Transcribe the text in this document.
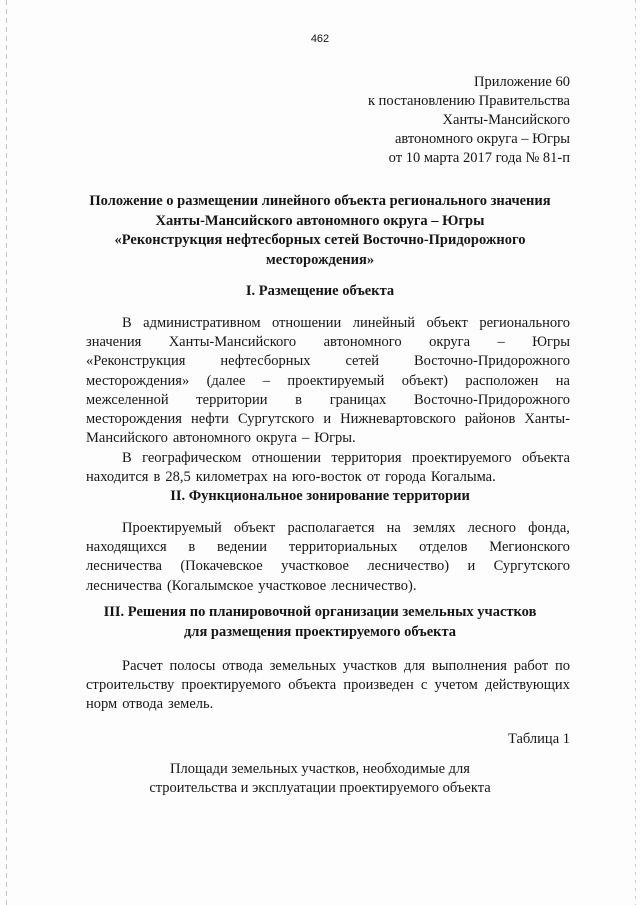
462
Приложение 60
к постановлению Правительства
Ханты-Мансийского
автономного округа – Югры
от 10 марта 2017 года № 81-п
Положение о размещении линейного объекта регионального значения
Ханты-Мансийского автономного округа – Югры
«Реконструкция нефтесборных сетей Восточно-Придорожного
месторождения»
I. Размещение объекта
В административном отношении линейный объект регионального
значения Ханты-Мансийского автономного округа – Югры
«Реконструкция нефтесборных сетей Восточно-Придорожного
месторождения» (далее – проектируемый объект) расположен на
межселенной территории в границах Восточно-Придорожного
месторождения нефти Сургутского и Нижневартовского районов Ханты-
Мансийского автономного округа – Югры.
В географическом отношении территория проектируемого объекта
находится в 28,5 километрах на юго-восток от города Когалыма.
II. Функциональное зонирование территории
Проектируемый объект располагается на землях лесного фонда,
находящихся в ведении территориальных отделов Мегионского
лесничества (Покачевское участковое лесничество) и Сургутского
лесничества (Когалымское участковое лесничество).
III. Решения по планировочной организации земельных участков
для размещения проектируемого объекта
Расчет полосы отвода земельных участков для выполнения работ по
строительству проектируемого объекта произведен с учетом действующих
норм отвода земель.
Таблица 1
Площади земельных участков, необходимые для
строительства и эксплуатации проектируемого объекта
